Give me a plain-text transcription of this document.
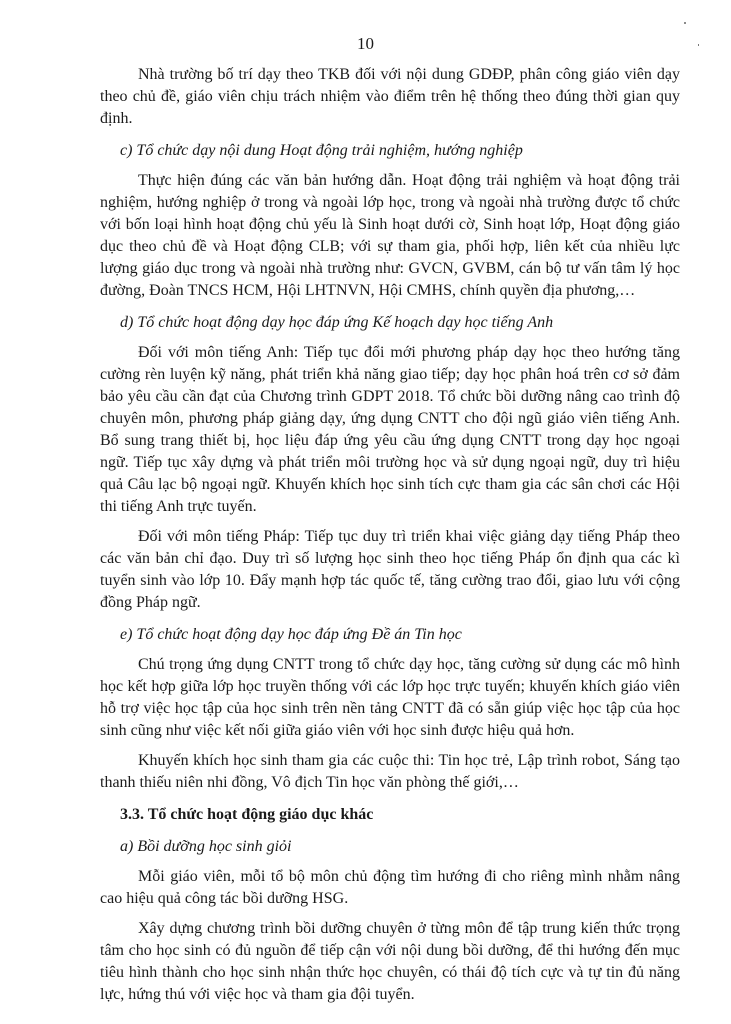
10

Nhà trường bố trí dạy theo TKB đối với nội dung GDĐP, phân công giáo viên dạy theo chủ đề, giáo viên chịu trách nhiệm vào điểm trên hệ thống theo đúng thời gian quy định.

c) Tổ chức dạy nội dung Hoạt động trải nghiệm, hướng nghiệp

Thực hiện đúng các văn bản hướng dẫn. Hoạt động trải nghiệm và hoạt động trải nghiệm, hướng nghiệp ở trong và ngoài lớp học, trong và ngoài nhà trường được tổ chức với bốn loại hình hoạt động chủ yếu là Sinh hoạt dưới cờ, Sinh hoạt lớp, Hoạt động giáo dục theo chủ đề và Hoạt động CLB; với sự tham gia, phối hợp, liên kết của nhiều lực lượng giáo dục trong và ngoài nhà trường như: GVCN, GVBM, cán bộ tư vấn tâm lý học đường, Đoàn TNCS HCM, Hội LHTNVN, Hội CMHS, chính quyền địa phương,…

d) Tổ chức hoạt động dạy học đáp ứng Kế hoạch dạy học tiếng Anh

Đối với môn tiếng Anh: Tiếp tục đổi mới phương pháp dạy học theo hướng tăng cường rèn luyện kỹ năng, phát triển khả năng giao tiếp; dạy học phân hoá trên cơ sở đảm bảo yêu cầu cần đạt của Chương trình GDPT 2018. Tổ chức bồi dưỡng nâng cao trình độ chuyên môn, phương pháp giảng dạy, ứng dụng CNTT cho đội ngũ giáo viên tiếng Anh. Bổ sung trang thiết bị, học liệu đáp ứng yêu cầu ứng dụng CNTT trong dạy học ngoại ngữ. Tiếp tục xây dựng và phát triển môi trường học và sử dụng ngoại ngữ, duy trì hiệu quả Câu lạc bộ ngoại ngữ. Khuyến khích học sinh tích cực tham gia các sân chơi các Hội thi tiếng Anh trực tuyến.

Đối với môn tiếng Pháp: Tiếp tục duy trì triển khai việc giảng dạy tiếng Pháp theo các văn bản chỉ đạo. Duy trì số lượng học sinh theo học tiếng Pháp ổn định qua các kì tuyển sinh vào lớp 10. Đẩy mạnh hợp tác quốc tế, tăng cường trao đổi, giao lưu với cộng đồng Pháp ngữ.

e) Tổ chức hoạt động dạy học đáp ứng Đề án Tin học

Chú trọng ứng dụng CNTT trong tổ chức dạy học, tăng cường sử dụng các mô hình học kết hợp giữa lớp học truyền thống với các lớp học trực tuyến; khuyến khích giáo viên hỗ trợ việc học tập của học sinh trên nền tảng CNTT đã có sẵn giúp việc học tập của học sinh cũng như việc kết nối giữa giáo viên với học sinh được hiệu quả hơn.

Khuyến khích học sinh tham gia các cuộc thi: Tin học trẻ, Lập trình robot, Sáng tạo thanh thiếu niên nhi đồng, Vô địch Tin học văn phòng thế giới,…

3.3. Tổ chức hoạt động giáo dục khác

a) Bồi dưỡng học sinh giỏi

Mỗi giáo viên, mỗi tổ bộ môn chủ động tìm hướng đi cho riêng mình nhằm nâng cao hiệu quả công tác bồi dưỡng HSG.

Xây dựng chương trình bồi dưỡng chuyên ở từng môn để tập trung kiến thức trọng tâm cho học sinh có đủ nguồn để tiếp cận với nội dung bồi dưỡng, để thi hướng đến mục tiêu hình thành cho học sinh nhận thức học chuyên, có thái độ tích cực và tự tin đủ năng lực, hứng thú với việc học và tham gia đội tuyển.
